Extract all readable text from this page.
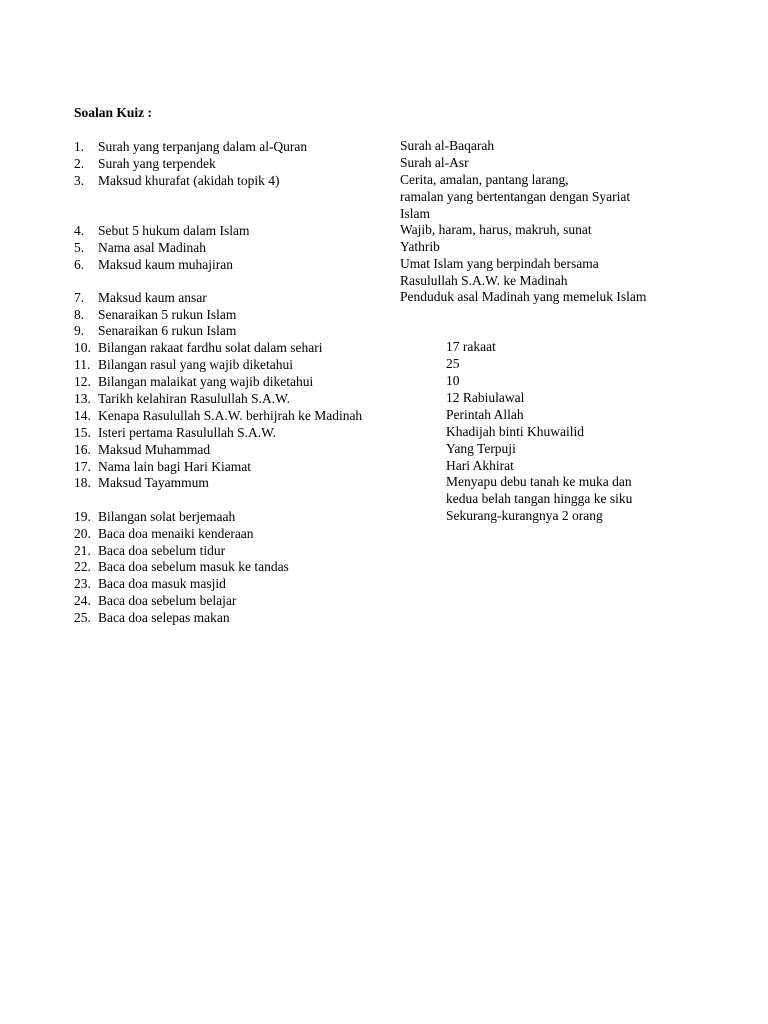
Soalan Kuiz :
1. Surah yang terpanjang dalam al-Quran	Surah al-Baqarah
2. Surah yang terpendek	Surah al-Asr
3. Maksud khurafat (akidah topik 4)	Cerita, amalan, pantang larang,
ramalan yang bertentangan dengan Syariat
Islam
4. Sebut 5 hukum dalam Islam	Wajib, haram, harus, makruh, sunat
5. Nama asal Madinah	Yathrib
6. Maksud kaum muhajiran	Umat Islam yang berpindah bersama
Rasulullah S.A.W. ke Madinah
7. Maksud kaum ansar	Penduduk asal Madinah yang memeluk Islam
8. Senaraikan 5 rukun Islam
9. Senaraikan 6 rukun Islam
10. Bilangan rakaat fardhu solat dalam sehari	17 rakaat
11. Bilangan rasul yang wajib diketahui	25
12. Bilangan malaikat yang wajib diketahui	10
13. Tarikh kelahiran Rasulullah S.A.W.	12 Rabiulawal
14. Kenapa Rasulullah S.A.W. berhijrah ke Madinah	Perintah Allah
15. Isteri pertama Rasulullah S.A.W.	Khadijah binti Khuwailid
16. Maksud Muhammad	Yang Terpuji
17. Nama lain bagi Hari Kiamat	Hari Akhirat
18. Maksud Tayammum	Menyapu debu tanah ke muka dan
kedua belah tangan hingga ke siku
19. Bilangan solat berjemaah	Sekurang-kurangnya 2 orang
20. Baca doa menaiki kenderaan
21. Baca doa sebelum tidur
22. Baca doa sebelum masuk ke tandas
23. Baca doa masuk masjid
24. Baca doa sebelum belajar
25. Baca doa selepas makan
